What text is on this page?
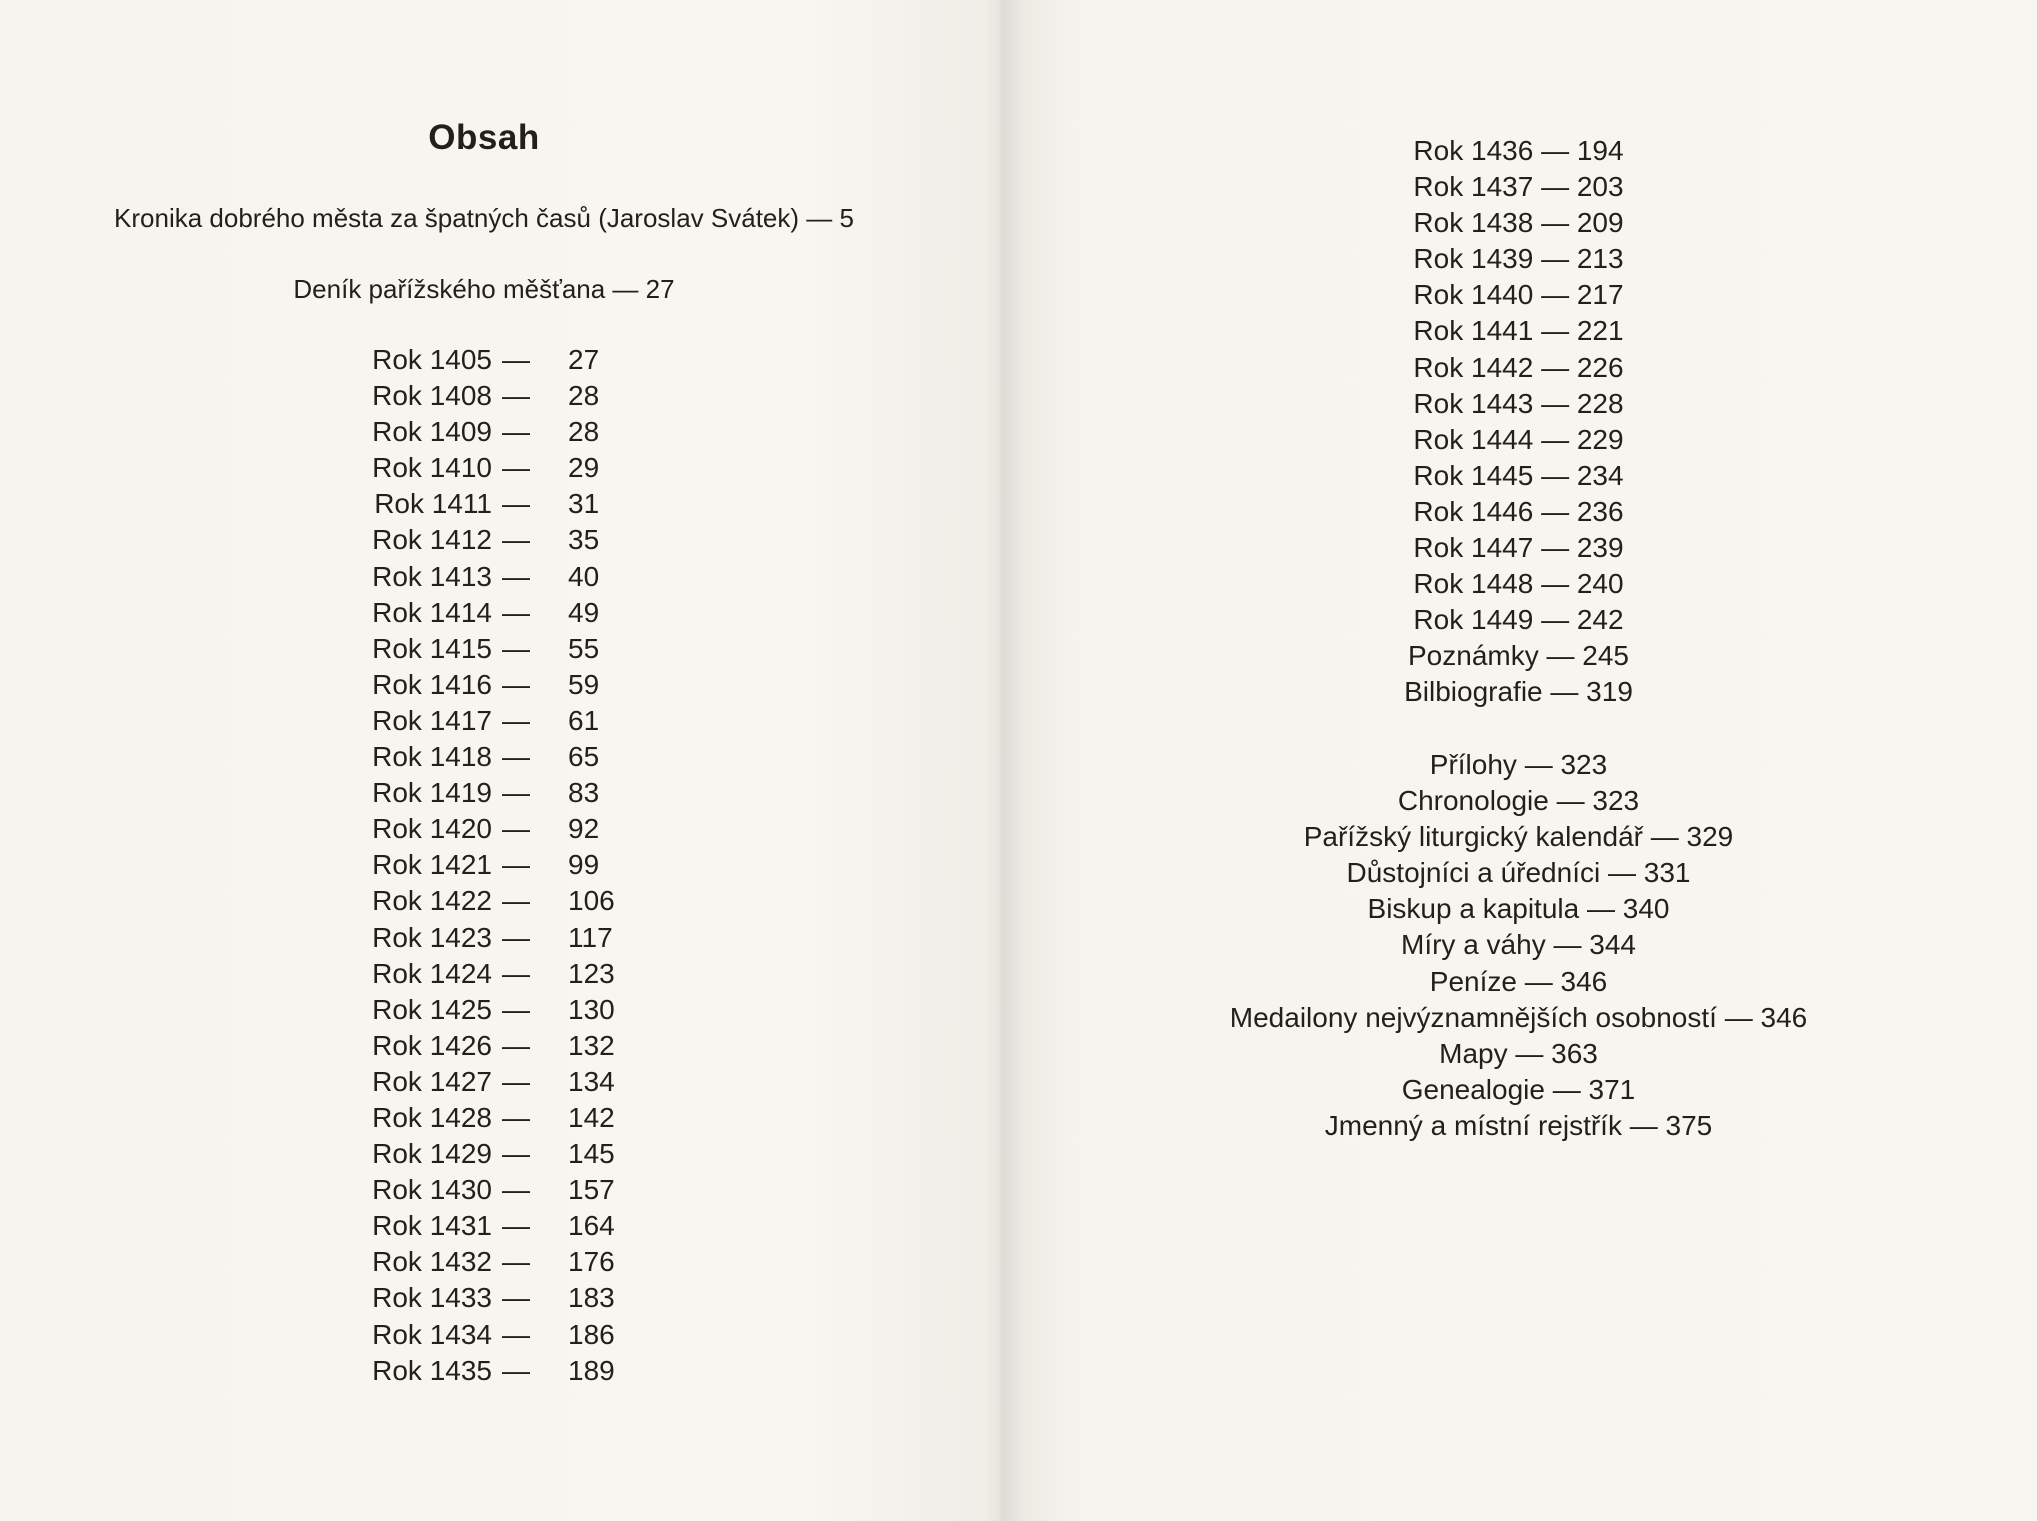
Obsah
Kronika dobrého města za špatných časů (Jaroslav Svátek) — 5
Deník pařížského měšťana — 27
Rok 1405 — 27
Rok 1408 — 28
Rok 1409 — 28
Rok 1410 — 29
Rok 1411 — 31
Rok 1412 — 35
Rok 1413 — 40
Rok 1414 — 49
Rok 1415 — 55
Rok 1416 — 59
Rok 1417 — 61
Rok 1418 — 65
Rok 1419 — 83
Rok 1420 — 92
Rok 1421 — 99
Rok 1422 — 106
Rok 1423 — 117
Rok 1424 — 123
Rok 1425 — 130
Rok 1426 — 132
Rok 1427 — 134
Rok 1428 — 142
Rok 1429 — 145
Rok 1430 — 157
Rok 1431 — 164
Rok 1432 — 176
Rok 1433 — 183
Rok 1434 — 186
Rok 1435 — 189
Rok 1436 — 194
Rok 1437 — 203
Rok 1438 — 209
Rok 1439 — 213
Rok 1440 — 217
Rok 1441 — 221
Rok 1442 — 226
Rok 1443 — 228
Rok 1444 — 229
Rok 1445 — 234
Rok 1446 — 236
Rok 1447 — 239
Rok 1448 — 240
Rok 1449 — 242
Poznámky — 245
Bilbiografie — 319
Přílohy — 323
Chronologie — 323
Pařížský liturgický kalendář — 329
Důstojníci a úředníci — 331
Biskup a kapitula — 340
Míry a váhy — 344
Peníze — 346
Medailony nejvýznamnějších osobností — 346
Mapy — 363
Genealogie — 371
Jmenný a místní rejstřík — 375
